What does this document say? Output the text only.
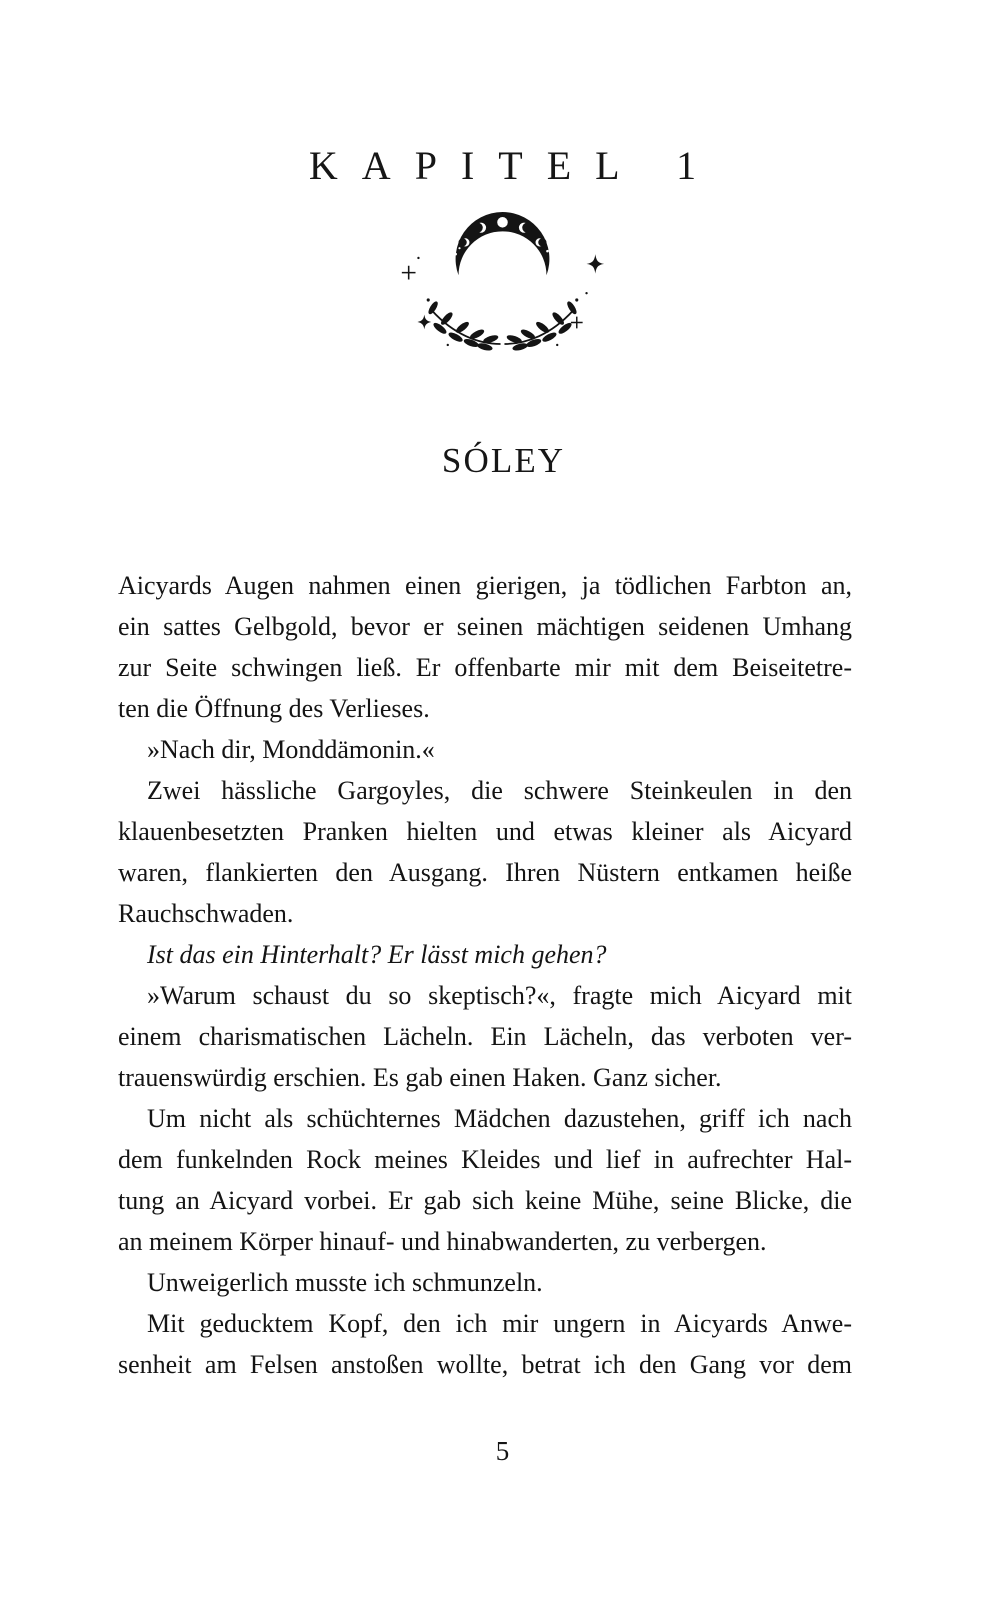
KAPITEL 1
SÓLEY
Aicyards Augen nahmen einen gierigen, ja tödlichen Farbton an,
ein sattes Gelbgold, bevor er seinen mächtigen seidenen Umhang
zur Seite schwingen ließ. Er offenbarte mir mit dem Beiseitetre-
ten die Öffnung des Verlieses.
»Nach dir, Monddämonin.«
Zwei hässliche Gargoyles, die schwere Steinkeulen in den
klauenbesetzten Pranken hielten und etwas kleiner als Aicyard
waren, flankierten den Ausgang. Ihren Nüstern entkamen heiße
Rauchschwaden.
Ist das ein Hinterhalt? Er lässt mich gehen?
»Warum schaust du so skeptisch?«, fragte mich Aicyard mit
einem charismatischen Lächeln. Ein Lächeln, das verboten ver-
trauenswürdig erschien. Es gab einen Haken. Ganz sicher.
Um nicht als schüchternes Mädchen dazustehen, griff ich nach
dem funkelnden Rock meines Kleides und lief in aufrechter Hal-
tung an Aicyard vorbei. Er gab sich keine Mühe, seine Blicke, die
an meinem Körper hinauf- und hinabwanderten, zu verbergen.
Unweigerlich musste ich schmunzeln.
Mit geducktem Kopf, den ich mir ungern in Aicyards Anwe-
senheit am Felsen anstoßen wollte, betrat ich den Gang vor dem
5
